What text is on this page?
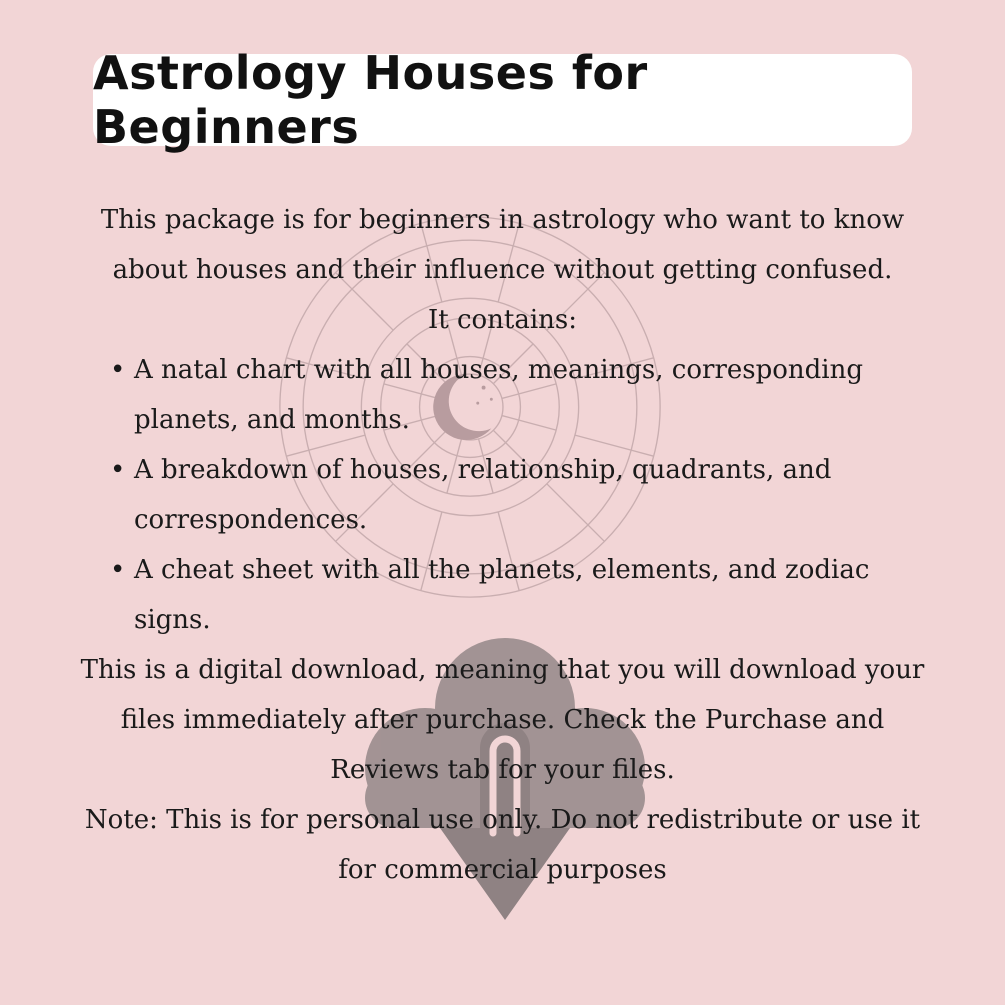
Astrology Houses for Beginners
This package is for beginners in astrology who want to know
about houses and their influence without getting confused.
It contains:
• A natal chart with all houses, meanings, corresponding planets, and months.
• A breakdown of houses, relationship, quadrants, and correspondences.
• A cheat sheet with all the planets, elements, and zodiac signs.
This is a digital download, meaning that you will download your
files immediately after purchase. Check the Purchase and
Reviews tab for your files.
Note: This is for personal use only. Do not redistribute or use it
for commercial purposes
